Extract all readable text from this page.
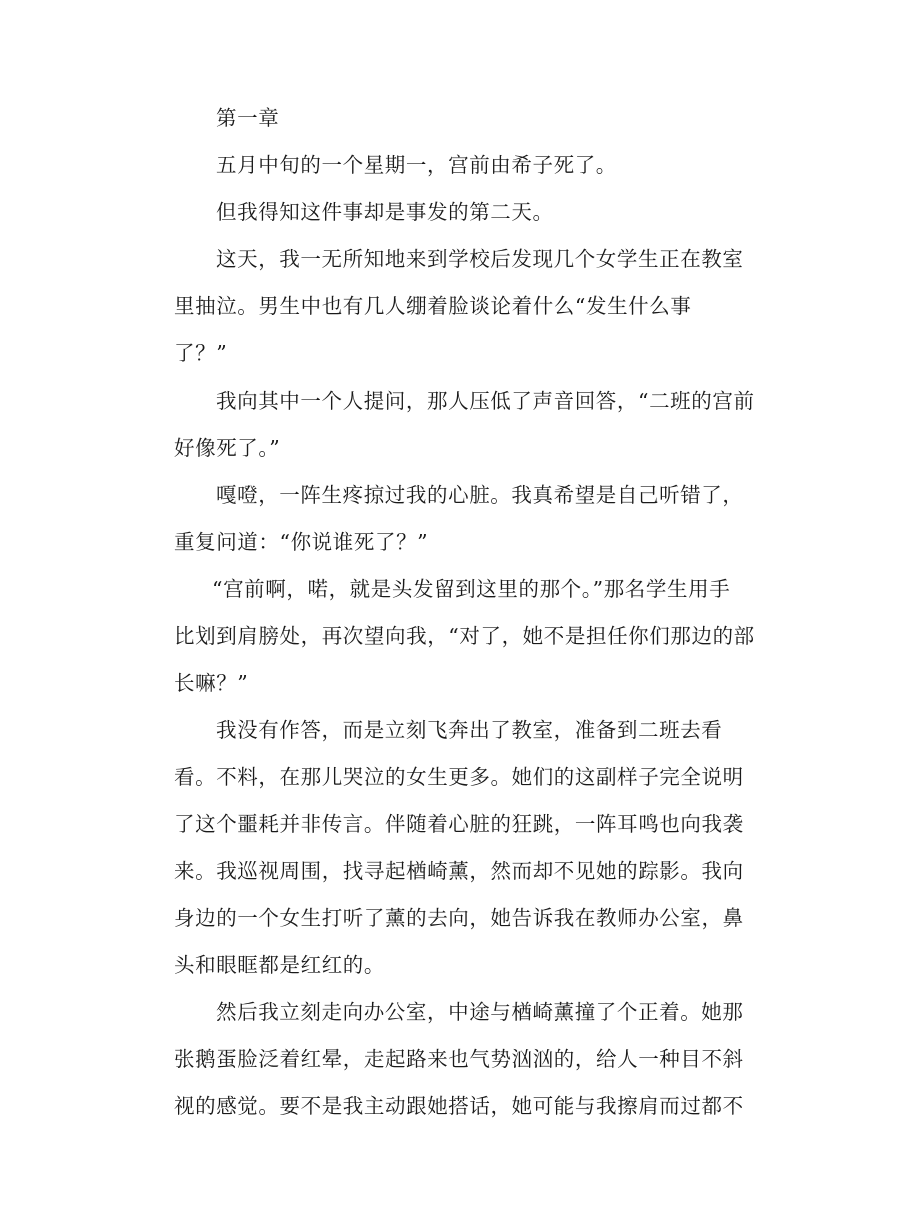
第一章
五月中旬的一个星期一，宫前由希子死了。
但我得知这件事却是事发的第二天。
这天，我一无所知地来到学校后发现几个女学生正在教室
里抽泣。男生中也有几人绷着脸谈论着什么“发生什么事
了？”
我向其中一个人提问，那人压低了声音回答，“二班的宫前
好像死了。”
嘎噔，一阵生疼掠过我的心脏。我真希望是自己听错了，
重复问道：“你说谁死了？”
“宫前啊，喏，就是头发留到这里的那个。”那名学生用手
比划到肩膀处，再次望向我，“对了，她不是担任你们那边的部
长嘛？”
我没有作答，而是立刻飞奔出了教室，准备到二班去看
看。不料，在那儿哭泣的女生更多。她们的这副样子完全说明
了这个噩耗并非传言。伴随着心脏的狂跳，一阵耳鸣也向我袭
来。我巡视周围，找寻起楢崎薰，然而却不见她的踪影。我向
身边的一个女生打听了薰的去向，她告诉我在教师办公室，鼻
头和眼眶都是红红的。
然后我立刻走向办公室，中途与楢崎薰撞了个正着。她那
张鹅蛋脸泛着红晕，走起路来也气势汹汹的，给人一种目不斜
视的感觉。要不是我主动跟她搭话，她可能与我擦肩而过都不
